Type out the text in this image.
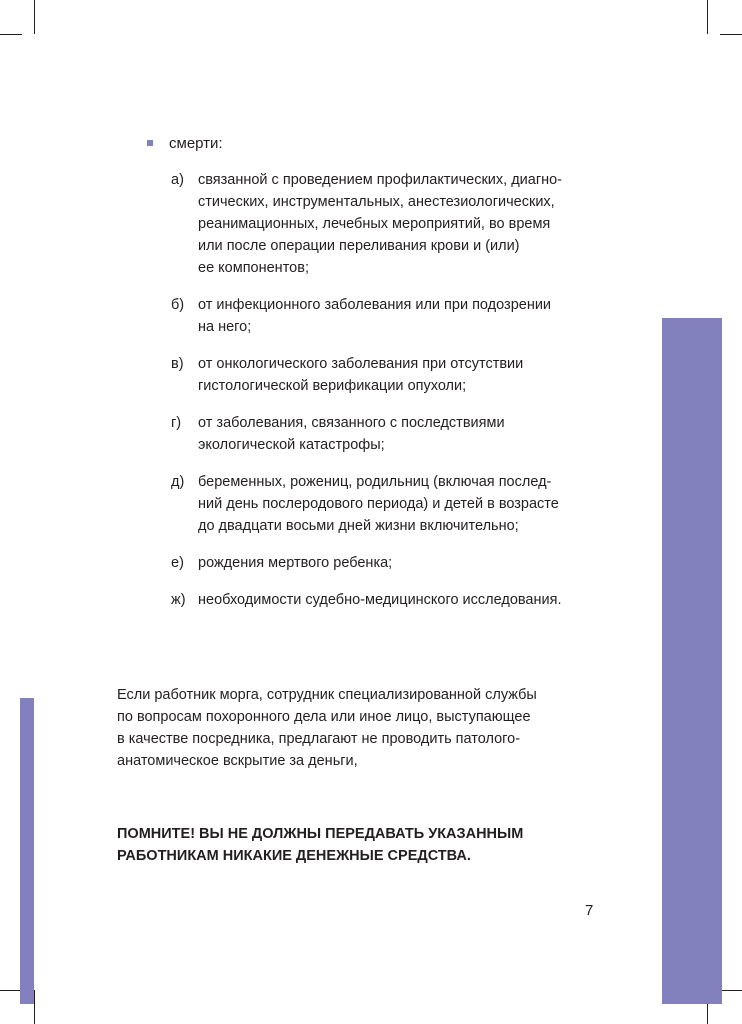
смерти:
а) связанной с проведением профилактических, диагно-
стических, инструментальных, анестезиологических,
реанимационных, лечебных мероприятий, во время
или после операции переливания крови и (или)
ее компонентов;
б) от инфекционного заболевания или при подозрении
на него;
в) от онкологического заболевания при отсутствии
гистологической верификации опухоли;
г)	от заболевания, связанного с последствиями
экологической катастрофы;
д) беременных, рожениц, родильниц (включая послед-
ний день послеродового периода) и детей в возрасте
до двадцати восьми дней жизни включительно;
е) рождения мертвого ребенка;
ж) необходимости судебно-медицинского исследования.
Если работник морга, сотрудник специализированной службы
по вопросам похоронного дела или иное лицо, выступающее
в качестве посредника, предлагают не проводить патолого-
анатомическое вскрытие за деньги,
ПОМНИТЕ! ВЫ НЕ ДОЛЖНЫ ПЕРЕДАВАТЬ УКАЗАННЫМ
РАБОТНИКАМ НИКАКИЕ ДЕНЕЖНЫЕ СРЕДСТВА.
7
